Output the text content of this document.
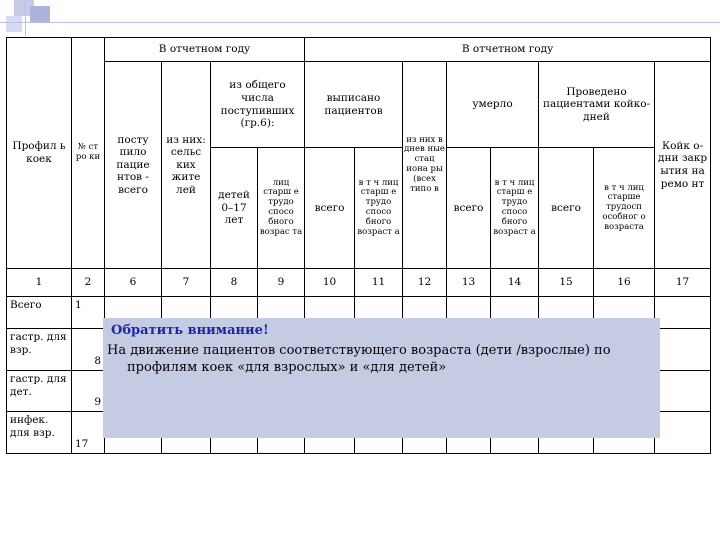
Профил ь коек	№ ст ро ки	В отчетном году				В отчетном году							
		посту пило пацие нтов - всего	из них: сельс ких жите лей	из общего числа поступивших (гр.6):		выписано пациентов		из них в днев ные стац иона ры (всех типо в	умерло		Проведено пациентами койко-дней		Койк о-дни закр ытия на ремо нт
				детей 0–17 лет	лиц старш е трудо спосо бного возрас та	всего	в т ч лиц старш е трудо спосо бного возраст а		всего	в т ч лиц старш е трудо спосо бного возраст а	всего	в т ч лиц старше трудосп особног о возраста	
1	2	6	7	8	9	10	11	12	13	14	15	16	17
Всего	1												
гастр. для взр.	8												
гастр. для дет.	9												
инфек. для взр.	17												
Обратить внимание!
На движение пациентов соответствующего возраста (дети /взрослые) по
профилям коек «для взрослых» и «для детей»
